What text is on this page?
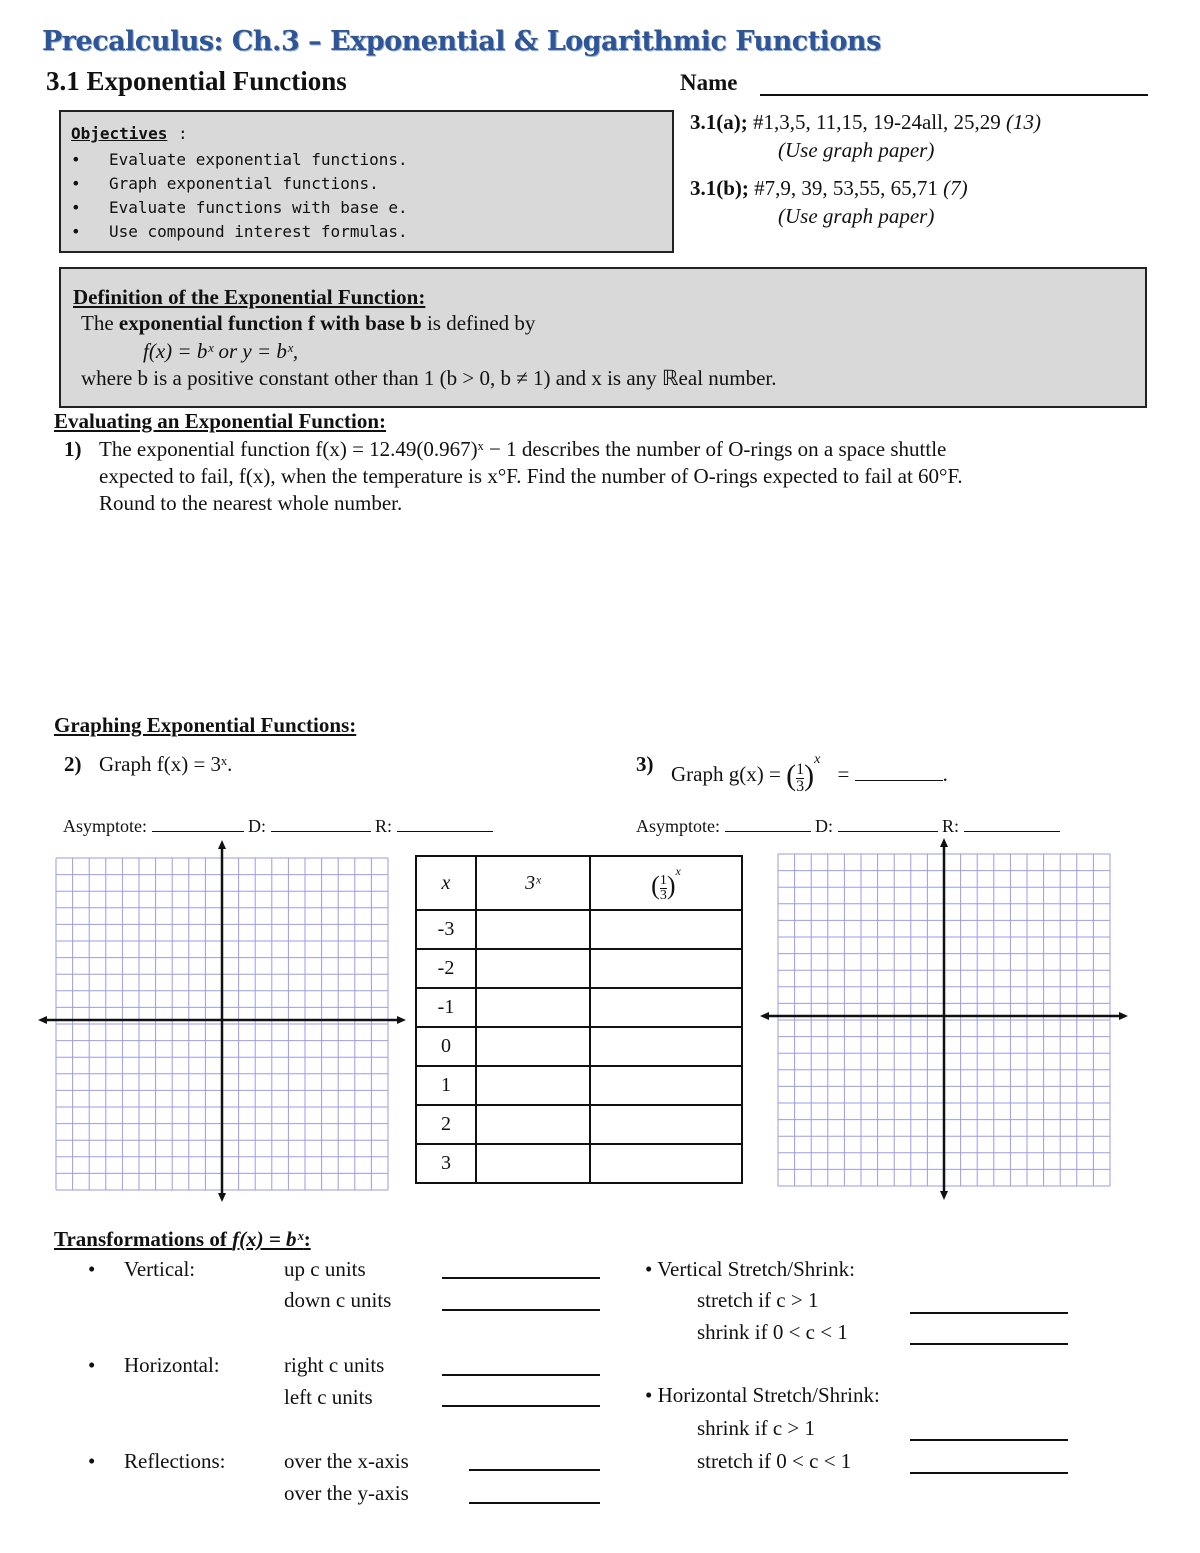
Precalculus: Ch.3 – Exponential & Logarithmic Functions
3.1 Exponential Functions	Name
Objectives :
• Evaluate exponential functions.
• Graph exponential functions.
• Evaluate functions with base e.
• Use compound interest formulas.
3.1(a); #1,3,5, 11,15, 19-24all, 25,29 (13)
(Use graph paper)
3.1(b); #7,9, 39, 53,55, 65,71 (7)
(Use graph paper)
Definition of the Exponential Function:
The exponential function f with base b is defined by
f(x) = bˣ or y = bˣ,
where b is a positive constant other than 1 (b > 0, b ≠ 1) and x is any ℝeal number.
Evaluating an Exponential Function:
1) The exponential function f(x) = 12.49(0.967)ˣ − 1 describes the number of O-rings on a space shuttle
expected to fail, f(x), when the temperature is x°F. Find the number of O-rings expected to fail at 60°F.
Round to the nearest whole number.
Graphing Exponential Functions:
2) Graph f(x) = 3ˣ.	3) Graph g(x) = ( $\frac{1}{3} )^x$ =	.
Asymptote:	D:	R:	Asymptote:	D:	R:
x	3ˣ	( $\frac{1}{3} )^x$
-3		
-2		
-1		
0		
1		
2		
3		
Transformations of f(x) = bˣ:
• Vertical:	up c units
down c units
• Horizontal:	right c units
left c units
• Reflections:	over the x-axis
over the y-axis
• Vertical Stretch/Shrink:
stretch if c > 1
shrink if 0 < c < 1
• Horizontal Stretch/Shrink:
shrink if c > 1
stretch if 0 < c < 1
